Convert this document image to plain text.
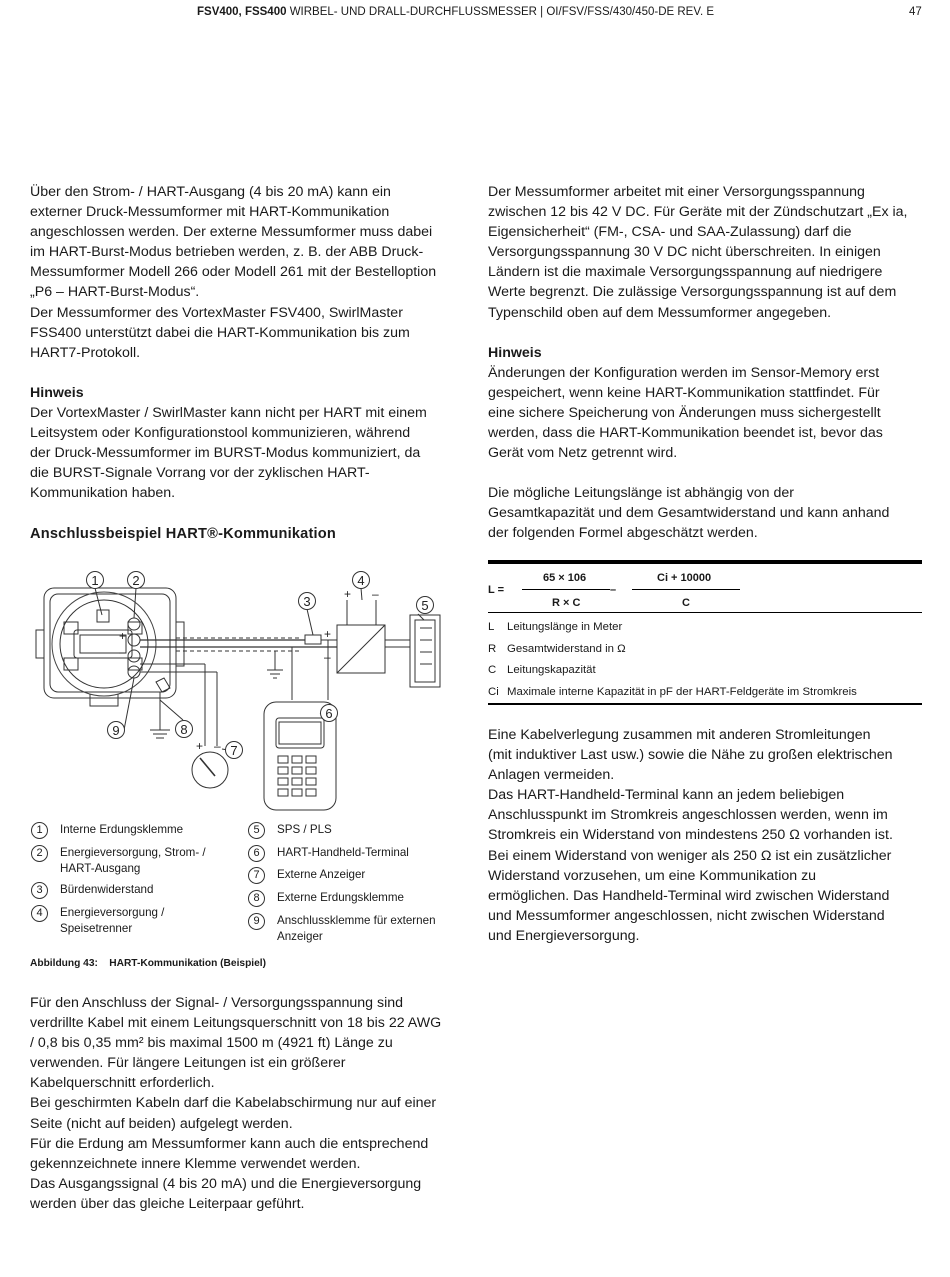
FSV400, FSS400 WIRBEL- UND DRALL-DURCHFLUSSMESSER | OI/FSV/FSS/430/450-DE REV. E	47
Über den Strom- / HART-Ausgang (4 bis 20 mA) kann ein
externer Druck-Messumformer mit HART-Kommunikation
angeschlossen werden. Der externe Messumformer muss dabei
im HART-Burst-Modus betrieben werden, z. B. der ABB Druck-
Messumformer Modell 266 oder Modell 261 mit der Bestelloption
„P6 – HART-Burst-Modus“.
Der Messumformer des VortexMaster FSV400, SwirlMaster
FSS400 unterstützt dabei die HART-Kommunikation bis zum
HART7-Protokoll.

Hinweis

Der VortexMaster / SwirlMaster kann nicht per HART mit einem
Leitsystem oder Konfigurationstool kommunizieren, während
der Druck-Messumformer im BURST-Modus kommuniziert, da
die BURST-Signale Vorrang vor der zyklischen HART-
Kommunikation haben.
Anschlussbeispiel HART®-Kommunikation
+
–
+ –
+
–
+ –
1	2
3
4
5
6
7
8
9
1	Interne Erdungsklemme
2	Energieversorgung, Strom- /
HART-Ausgang
3	Bürdenwiderstand
4	Energieversorgung /
Speisetrenner
5	SPS / PLS
6	HART-Handheld-Terminal
7	Externe Anzeiger
8	Externe Erdungsklemme
9	Anschlussklemme für externen
Anzeiger
Abbildung 43:    HART-Kommunikation (Beispiel)
Für den Anschluss der Signal- / Versorgungsspannung sind
verdrillte Kabel mit einem Leitungsquerschnitt von 18 bis 22 AWG
/ 0,8 bis 0,35 mm² bis maximal 1500 m (4921 ft) Länge zu
verwenden. Für längere Leitungen ist ein größerer
Kabelquerschnitt erforderlich.
Bei geschirmten Kabeln darf die Kabelabschirmung nur auf einer
Seite (nicht auf beiden) aufgelegt werden.
Für die Erdung am Messumformer kann auch die entsprechend
gekennzeichnete innere Klemme verwendet werden.
Das Ausgangssignal (4 bis 20 mA) und die Energieversorgung
werden über das gleiche Leiterpaar geführt.
Der Messumformer arbeitet mit einer Versorgungsspannung
zwischen 12 bis 42 V DC. Für Geräte mit der Zündschutzart „Ex ia,
Eigensicherheit“ (FM-, CSA- und SAA-Zulassung) darf die
Versorgungsspannung 30 V DC nicht überschreiten. In einigen
Ländern ist die maximale Versorgungsspannung auf niedrigere
Werte begrenzt. Die zulässige Versorgungsspannung ist auf dem
Typenschild oben auf dem Messumformer angegeben.

Hinweis

Änderungen der Konfiguration werden im Sensor-Memory erst
gespeichert, wenn keine HART-Kommunikation stattfindet. Für
eine sichere Speicherung von Änderungen muss sichergestellt
werden, dass die HART-Kommunikation beendet ist, bevor das
Gerät vom Netz getrennt wird.
Die mögliche Leitungslänge ist abhängig von der
Gesamtkapazität und dem Gesamtwiderstand und kann anhand
der folgenden Formel abgeschätzt werden.
L =
65 × 106
R × C
–
Ci + 10000
C
L	Leitungslänge in Meter
R Gesamtwiderstand in Ω
C Leitungskapazität
Ci Maximale interne Kapazität in pF der HART-Feldgeräte im Stromkreis
Eine Kabelverlegung zusammen mit anderen Stromleitungen
(mit induktiver Last usw.) sowie die Nähe zu großen elektrischen
Anlagen vermeiden.
Das HART-Handheld-Terminal kann an jedem beliebigen
Anschlusspunkt im Stromkreis angeschlossen werden, wenn im
Stromkreis ein Widerstand von mindestens 250 Ω vorhanden ist.
Bei einem Widerstand von weniger als 250 Ω ist ein zusätzlicher
Widerstand vorzusehen, um eine Kommunikation zu
ermöglichen. Das Handheld-Terminal wird zwischen Widerstand
und Messumformer angeschlossen, nicht zwischen Widerstand
und Energieversorgung.
